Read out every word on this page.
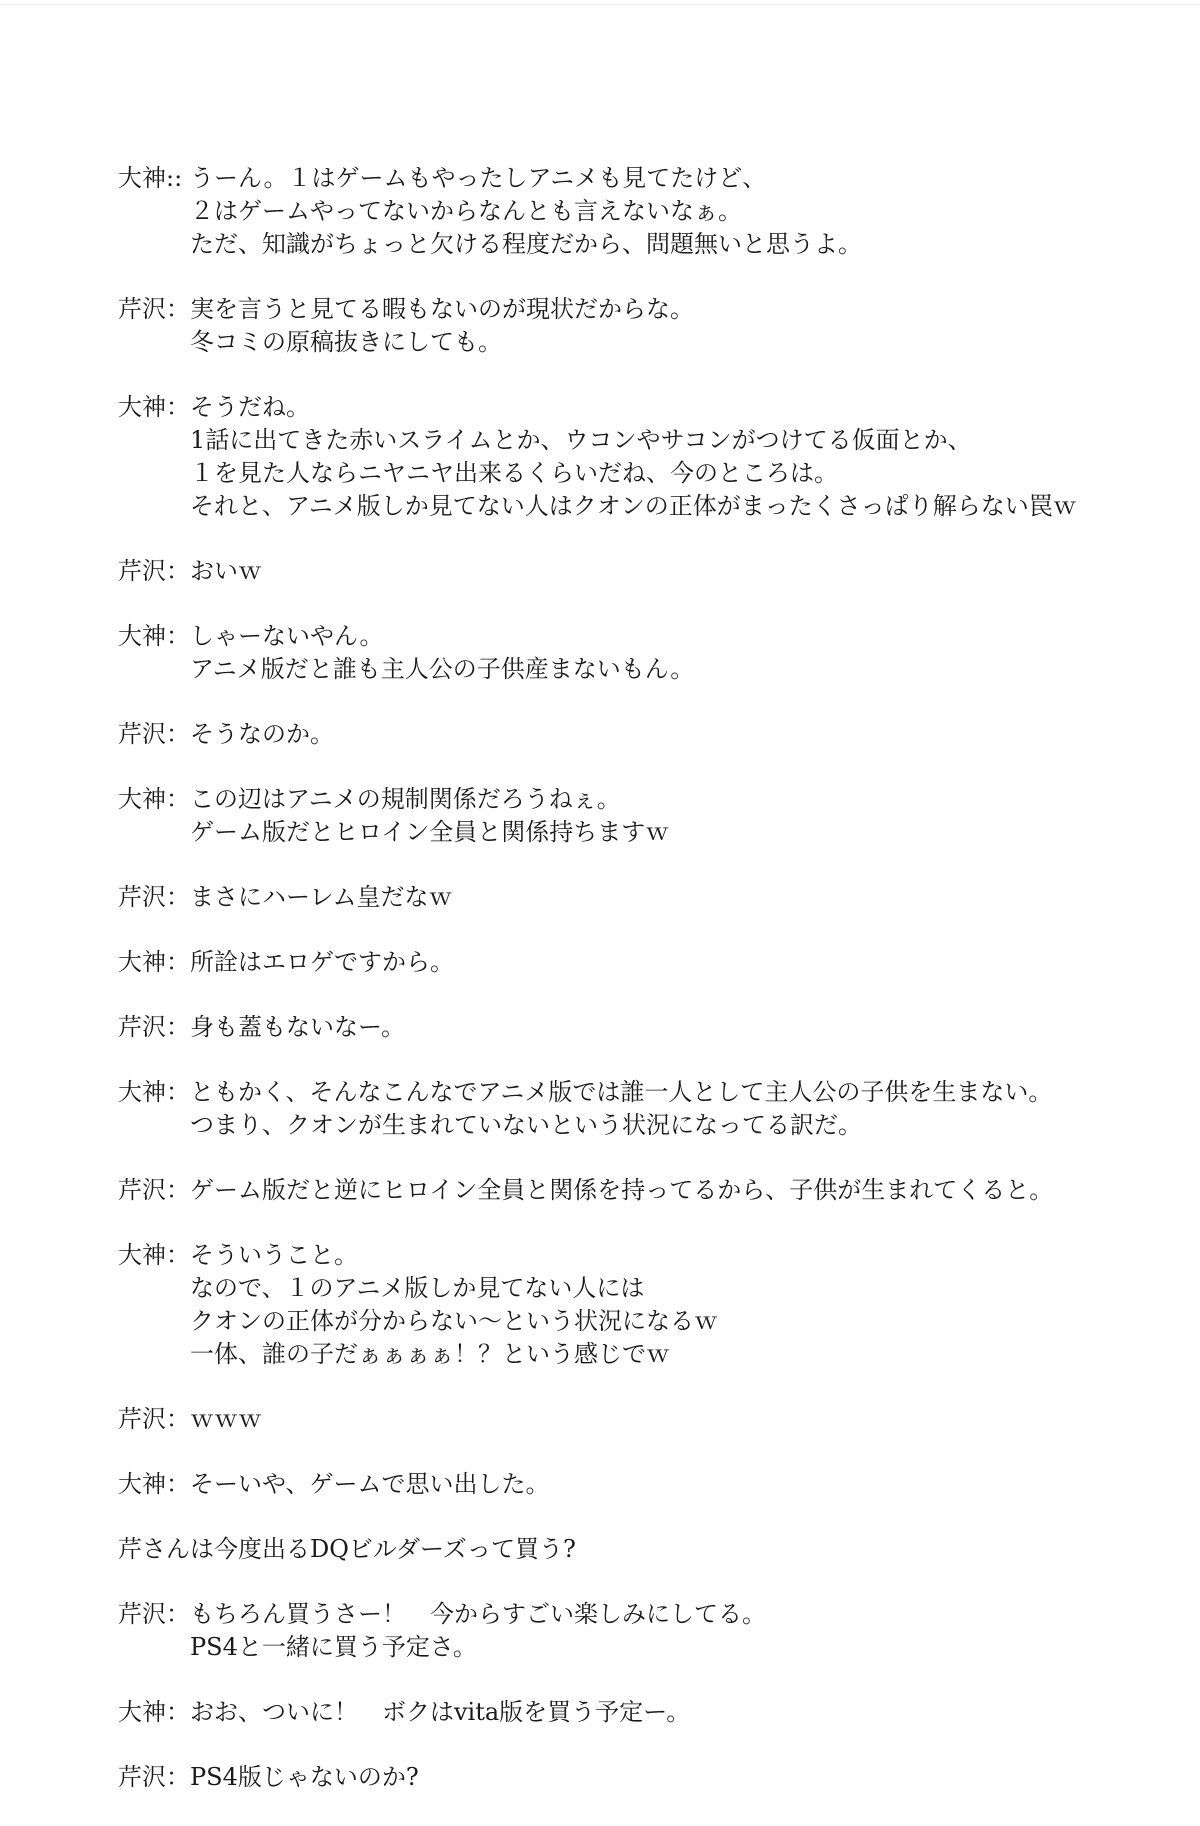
大神:: うーん。１はゲームもやったしアニメも見てたけど、
２はゲームやってないからなんとも言えないなぁ。
ただ、知識がちょっと欠ける程度だから、問題無いと思うよ。
芹沢： 実を言うと見てる暇もないのが現状だからな。
冬コミの原稿抜きにしても。
大神： そうだね。
1話に出てきた赤いスライムとか、ウコンやサコンがつけてる仮面とか、
１を見た人ならニヤニヤ出来るくらいだね、今のところは。
それと、アニメ版しか見てない人はクオンの正体がまったくさっぱり解らない罠ｗ
芹沢： おいｗ
大神： しゃーないやん。
アニメ版だと誰も主人公の子供産まないもん。
芹沢： そうなのか。
大神： この辺はアニメの規制関係だろうねぇ。
ゲーム版だとヒロイン全員と関係持ちますｗ
芹沢： まさにハーレム皇だなｗ
大神： 所詮はエロゲですから。
芹沢： 身も蓋もないなー。
大神： ともかく、そんなこんなでアニメ版では誰一人として主人公の子供を生まない。
つまり、クオンが生まれていないという状況になってる訳だ。
芹沢： ゲーム版だと逆にヒロイン全員と関係を持ってるから、子供が生まれてくると。
大神： そういうこと。
なので、１のアニメ版しか見てない人には
クオンの正体が分からない～という状況になるｗ
一体、誰の子だぁぁぁぁ！？という感じでｗ
芹沢： ｗｗｗ
大神： そーいや、ゲームで思い出した。
芹さんは今度出るDQビルダーズって買う?
芹沢： もちろん買うさー！　今からすごい楽しみにしてる。
PS4と一緒に買う予定さ。
大神： おお、ついに！　ボクはvita版を買う予定ー。
芹沢： PS4版じゃないのか?
